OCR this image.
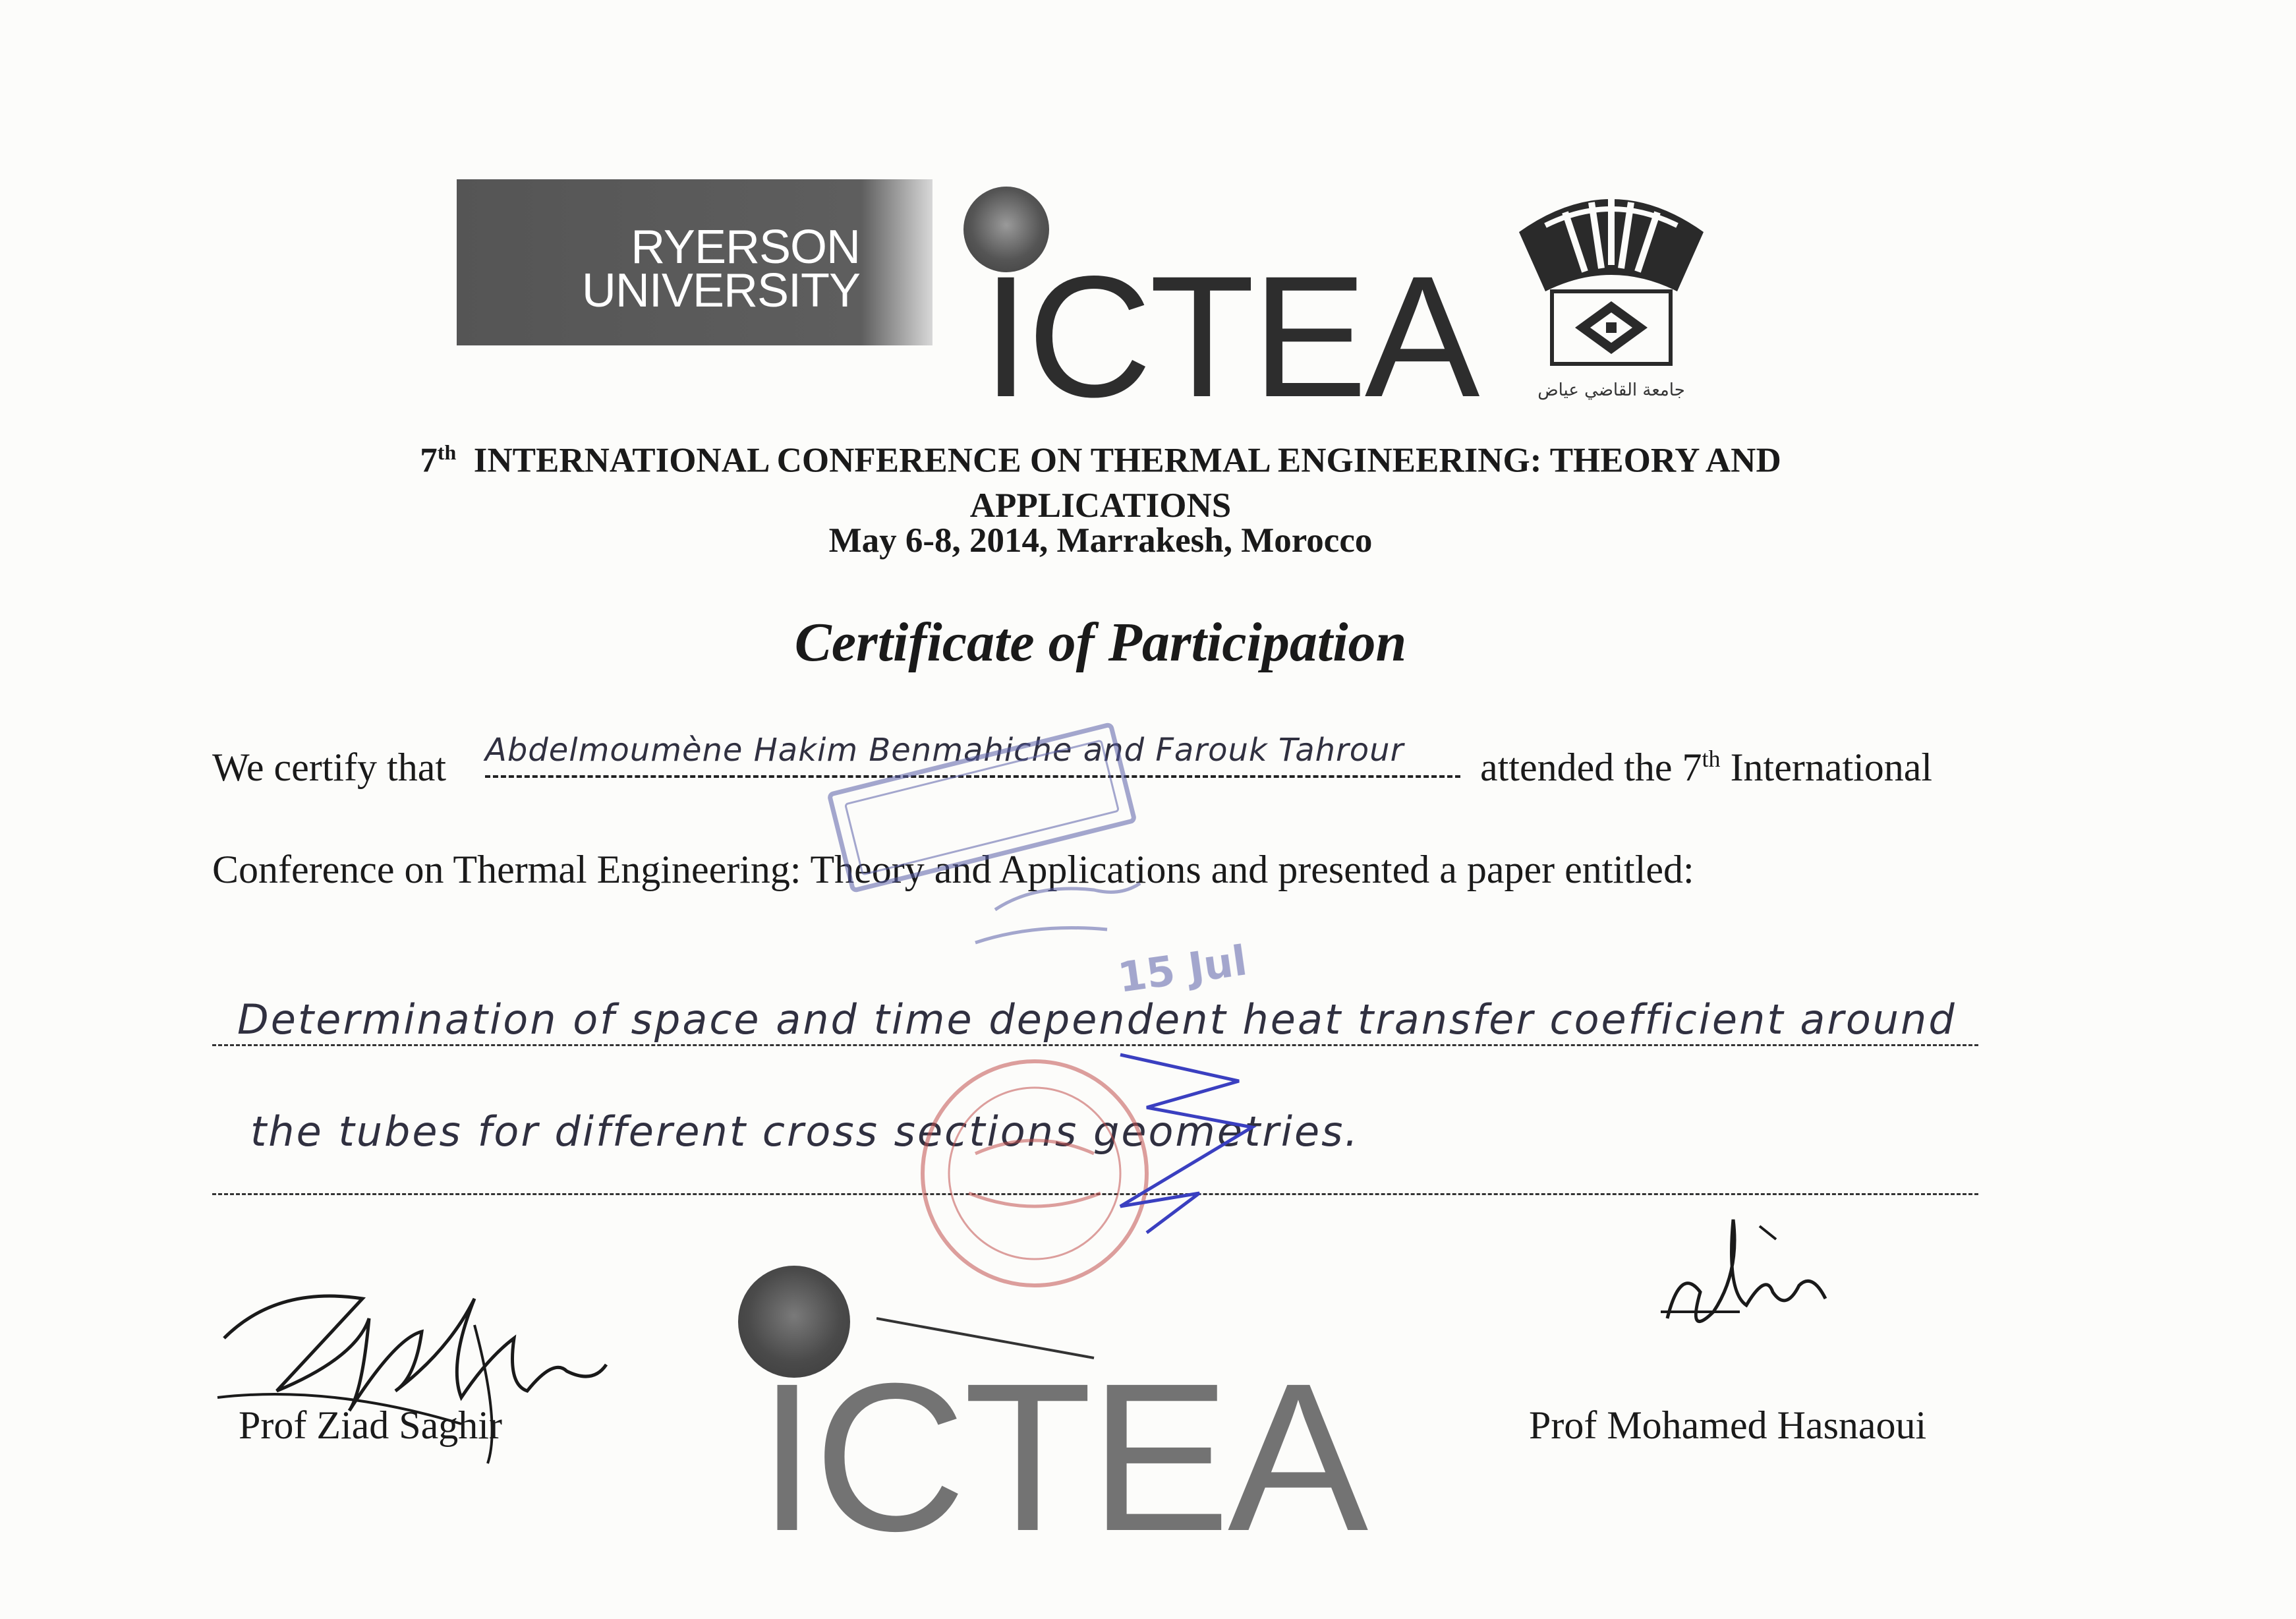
RYERSON
UNIVERSITY ICTEA	جامعة القاضي عياض
7th INTERNATIONAL CONFERENCE ON THERMAL ENGINEERING: THEORY AND
APPLICATIONS
May 6-8, 2014, Marrakesh, Morocco
Certificate of Participation
We certify that Abdelmoumène Hakim Benmahiche and Farouk Tahrour attended the 7th International
Conference on Thermal Engineering: Theory and Applications and presented a paper entitled:
Determination of space and time dependent heat transfer coefficient around
the tubes for different cross sections geometries.
15 Jul
ICTEA
Prof Ziad Saghir	Prof Mohamed Hasnaoui
